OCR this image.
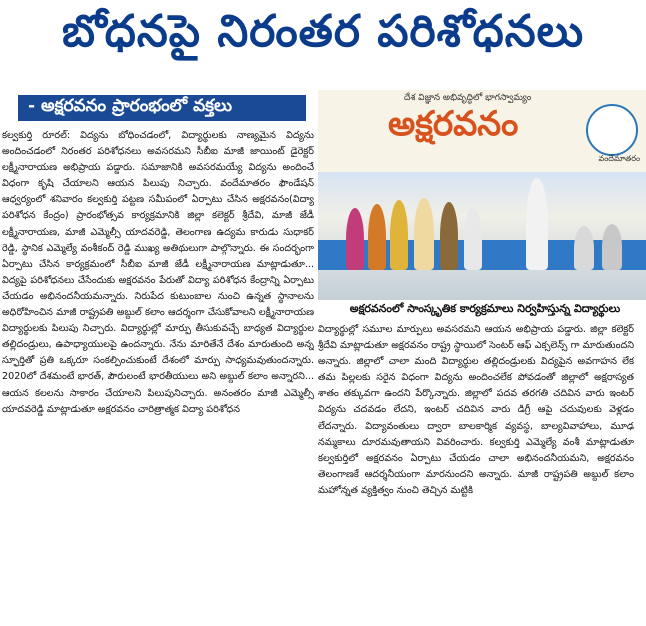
బోధనపై నిరంతర పరిశోధనలు
- అక్షరవనం ప్రారంభంలో వక్తలు

కల్వకుర్తి రూరల్: విద్యను బోధించడంలో, విద్యార్థులకు నాణ్యమైన విద్యను అందించడంలో నిరంతర పరిశోధనలు అవసరమని సీబీఐ మాజీ జాయింట్ డైరెక్టర్ లక్ష్మీనారాయణ అభిప్రాయ పడ్డారు. సమాజానికి అవసరమయ్యే విద్యను అందించే విధంగా కృషి చేయాలని ఆయన పిలుపు నిచ్చారు. వందేమాతరం ఫౌండేషన్ ఆధ్వర్యంలో శనివారం కల్వకుర్తి పట్టణ సమీపంలో ఏర్పాటు చేసిన అక్షరవనం(విద్యా పరిశోధన కేంద్రం) ప్రారంభోత్సవ కార్యక్రమానికి జిల్లా కలెక్టర్ శ్రీదేవి, మాజీ జేడీ లక్ష్మీనారాయణ, మాజీ ఎమ్మెల్సీ యాదవరెడ్డి, తెలంగాణ ఉద్యమ కారుడు సుధాకర్ రెడ్డి, స్థానిక ఎమ్మెల్యే వంశీకంద్ రెడ్డి ముఖ్య అతిథులుగా పాల్గొన్నారు. ఈ సందర్భంగా ఏర్పాటు చేసిన కార్యక్రమంలో సీబీఐ మాజీ జేడీ లక్ష్మీనారాయణ మాట్లాడుతూ... విద్యపై పరిశోధనలు చేసేందుకు అక్షరవనం పేరుతో విద్యా పరిశోధన కేంద్రాన్ని ఏర్పాటు చేయడం అభినందనీయమన్నారు. నిరుపేద కుటుంబాల నుంచి ఉన్నత స్థానాలను అధిరోహించిన మాజీ రాష్ట్రపతి అబ్దుల్ కలాం ఆదర్శంగా చేసుకోవాలని లక్ష్మీనారాయణ విద్యార్థులకు పిలుపు నిచ్చారు. విద్యార్థుల్లో మార్పు తీసుకువచ్చే బాధ్యత విద్యార్థుల తల్లిదండ్రులు, ఉపాధ్యాయులపై ఉందన్నారు. నేను మారితేనే దేశం మారుతుంది అన్న స్ఫూర్తితో ప్రతి ఒక్కరూ సంకల్పించుకుంటే దేశంలో మార్పు సాధ్యమవుతుందన్నారు. 2020లో దేశమంటే భారత్, పౌరులంటే భారతీయులు అని అబ్దుల్ కలాం అన్నారని... ఆయన కలలను సాకారం చేయాలని పిలుపునిచ్చారు. అనంతరం మాజీ ఎమ్మెల్సీ యాదవరెడ్డి మాట్లాడుతూ అక్షరవనం చారిత్రాత్మక విద్యా పరిశోధన

దేశ విజ్ఞాన అభివృద్ధిలో భాగస్వామ్యం
అక్షరవనం
వందేమాతరం
అక్షరవనంలో సాంస్కృతిక కార్యక్రమాలు నిర్వహిస్తున్న విద్యార్థులు

విద్యార్థుల్లో సమూల మార్పులు అవసరమని ఆయన అభిప్రాయ పడ్డారు. జిల్లా కలెక్టర్ శ్రీదేవి మాట్లాడుతూ అక్షరవనం రాష్ట్ర స్థాయిలో సెంటర్ ఆఫ్ ఎక్సలెన్స్ గా మారుతుందని అన్నారు. జిల్లాలో చాలా మంది విద్యార్థుల తల్లిదండ్రులకు విద్యపైన అవగాహన లేక తమ పిల్లలకు సరైన విధంగా విద్యను అందించలేక పోవడంతో జిల్లాలో అక్షరాస్యత శాతం తక్కువగా ఉందని పేర్కొన్నారు. జిల్లాలో పదవ తరగతి చదివిన వారు ఇంటర్ విద్యను చదవడం లేదని, ఇంటర్ చదివిన వారు డిగ్రీ ఆపై చదువులకు వెళ్లడం లేదన్నారు. విద్యావంతులు ద్వారా బాలకార్మిక వ్యవస్థ, బాల్యవివాహాలు, మూఢ నమ్మకాలు దూరమవుతాయని వివరించారు. కల్వకుర్తి ఎమ్మెల్యే వంశీ మాట్లాడుతూ కల్వకుర్తిలో అక్షరవనం ఏర్పాటు చేయడం చాలా అభినందనీయమని, అక్షరవనం తెలంగాణకే ఆదర్శనీయంగా మారనుందని అన్నారు. మాజీ రాష్ట్రపతి అబ్దుల్ కలాం మహోన్నత వ్యక్తిత్వం నుంచి తెచ్చిన మట్టికి
